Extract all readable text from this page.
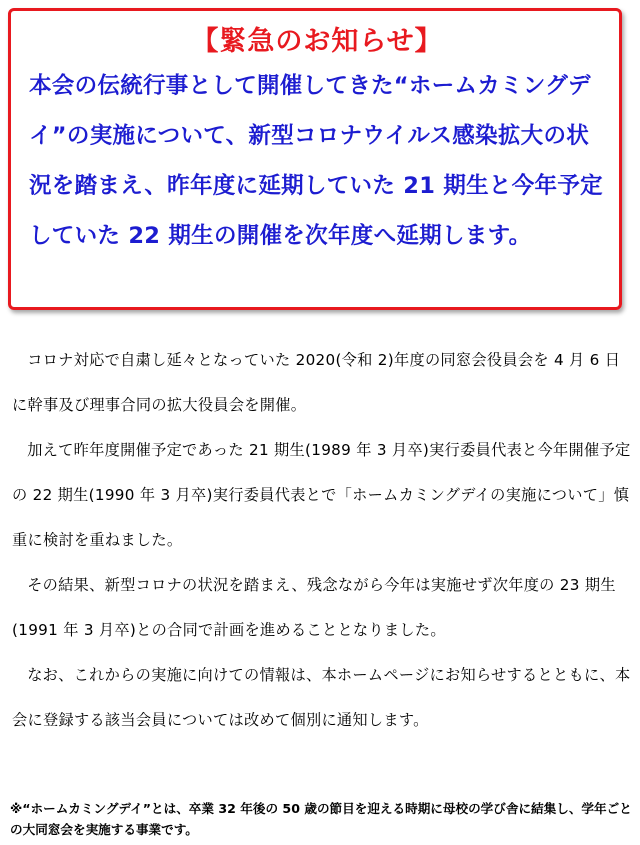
【緊急のお知らせ】

本会の伝統行事として開催してきた“ホームカミングデイ”の実施について、新型コロナウイルス感染拡大の状況を踏まえ、昨年度に延期していた 21 期生と今年予定していた 22 期生の開催を次年度へ延期します。

コロナ対応で自粛し延々となっていた 2020(令和 2)年度の同窓会役員会を 4 月 6 日に幹事及び理事合同の拡大役員会を開催。

加えて昨年度開催予定であった 21 期生(1989 年 3 月卒)実行委員代表と今年開催予定の 22 期生(1990 年 3 月卒)実行委員代表とで「ホームカミングデイの実施について」慎重に検討を重ねました。

その結果、新型コロナの状況を踏まえ、残念ながら今年は実施せず次年度の 23 期生(1991 年 3 月卒)との合同で計画を進めることとなりました。

なお、これからの実施に向けての情報は、本ホームページにお知らせするとともに、本会に登録する該当会員については改めて個別に通知します。

※“ホームカミングデイ”とは、卒業 32 年後の 50 歳の節目を迎える時期に母校の学び舎に結集し、学年ごとの大同窓会を実施する事業です。
